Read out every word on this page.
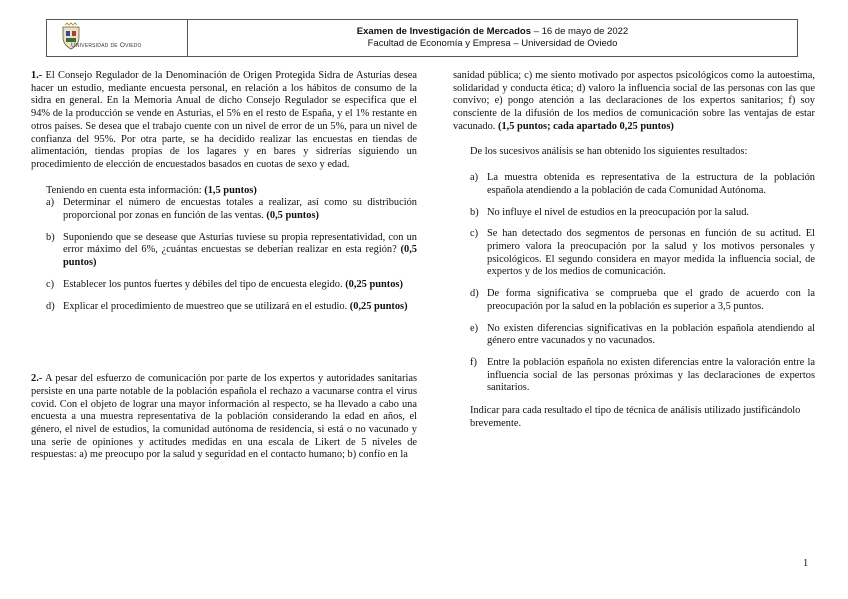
Universidad de Oviedo
Examen de Investigación de Mercados – 16 de mayo de 2022
Facultad de Economía y Empresa – Universidad de Oviedo

1.- El Consejo Regulador de la Denominación de Origen Protegida Sidra de Asturias desea hacer un estudio, mediante encuesta personal, en relación a los hábitos de consumo de la sidra en general. En la Memoria Anual de dicho Consejo Regulador se especifica que el 94% de la producción se vende en Asturias, el 5% en el resto de España, y el 1% restante en otros países. Se desea que el trabajo cuente con un nivel de error de un 5%, para un nivel de confianza del 95%. Por otra parte, se ha decidido realizar las encuestas en tiendas de alimentación, tiendas propias de los lagares y en bares y sidrerías siguiendo un procedimiento de elección de encuestados basados en cuotas de sexo y edad.

Teniendo en cuenta esta información: (1,5 puntos)

a) Determinar el número de encuestas totales a realizar, así como su distribución proporcional por zonas en función de las ventas. (0,5 puntos)
b) Suponiendo que se desease que Asturias tuviese su propia representatividad, con un error máximo del 6%, ¿cuántas encuestas se deberían realizar en esta región? (0,5 puntos)
c) Establecer los puntos fuertes y débiles del tipo de encuesta elegido. (0,25 puntos)
d) Explicar el procedimiento de muestreo que se utilizará en el estudio. (0,25 puntos)

2.- A pesar del esfuerzo de comunicación por parte de los expertos y autoridades sanitarias persiste en una parte notable de la población española el rechazo a vacunarse contra el virus covid. Con el objeto de lograr una mayor información al respecto, se ha llevado a cabo una encuesta a una muestra representativa de la población considerando la edad en años, el género, el nivel de estudios, la comunidad autónoma de residencia, si está o no vacunado y una serie de opiniones y actitudes medidas en una escala de Likert de 5 niveles de respuestas: a) me preocupo por la salud y seguridad en el contacto humano; b) confío en la

sanidad pública; c) me siento motivado por aspectos psicológicos como la autoestima, solidaridad y conducta ética; d) valoro la influencia social de las personas con las que convivo; e) pongo atención a las declaraciones de los expertos sanitarios; f) soy consciente de la difusión de los medios de comunicación sobre las ventajas de estar vacunado. (1,5 puntos; cada apartado 0,25 puntos)

De los sucesivos análisis se han obtenido los siguientes resultados:

a) La muestra obtenida es representativa de la estructura de la población española atendiendo a la población de cada Comunidad Autónoma.
b) No influye el nivel de estudios en la preocupación por la salud.
c) Se han detectado dos segmentos de personas en función de su actitud. El primero valora la preocupación por la salud y los motivos personales y psicológicos. El segundo considera en mayor medida la influencia social, de expertos y de los medios de comunicación.
d) De forma significativa se comprueba que el grado de acuerdo con la preocupación por la salud en la población es superior a 3,5 puntos.
e) No existen diferencias significativas en la población española atendiendo al género entre vacunados y no vacunados.
f) Entre la población española no existen diferencias entre la valoración entre la influencia social de las personas próximas y las declaraciones de expertos sanitarios.

Indicar para cada resultado el tipo de técnica de análisis utilizado justificándolo brevemente.

1
